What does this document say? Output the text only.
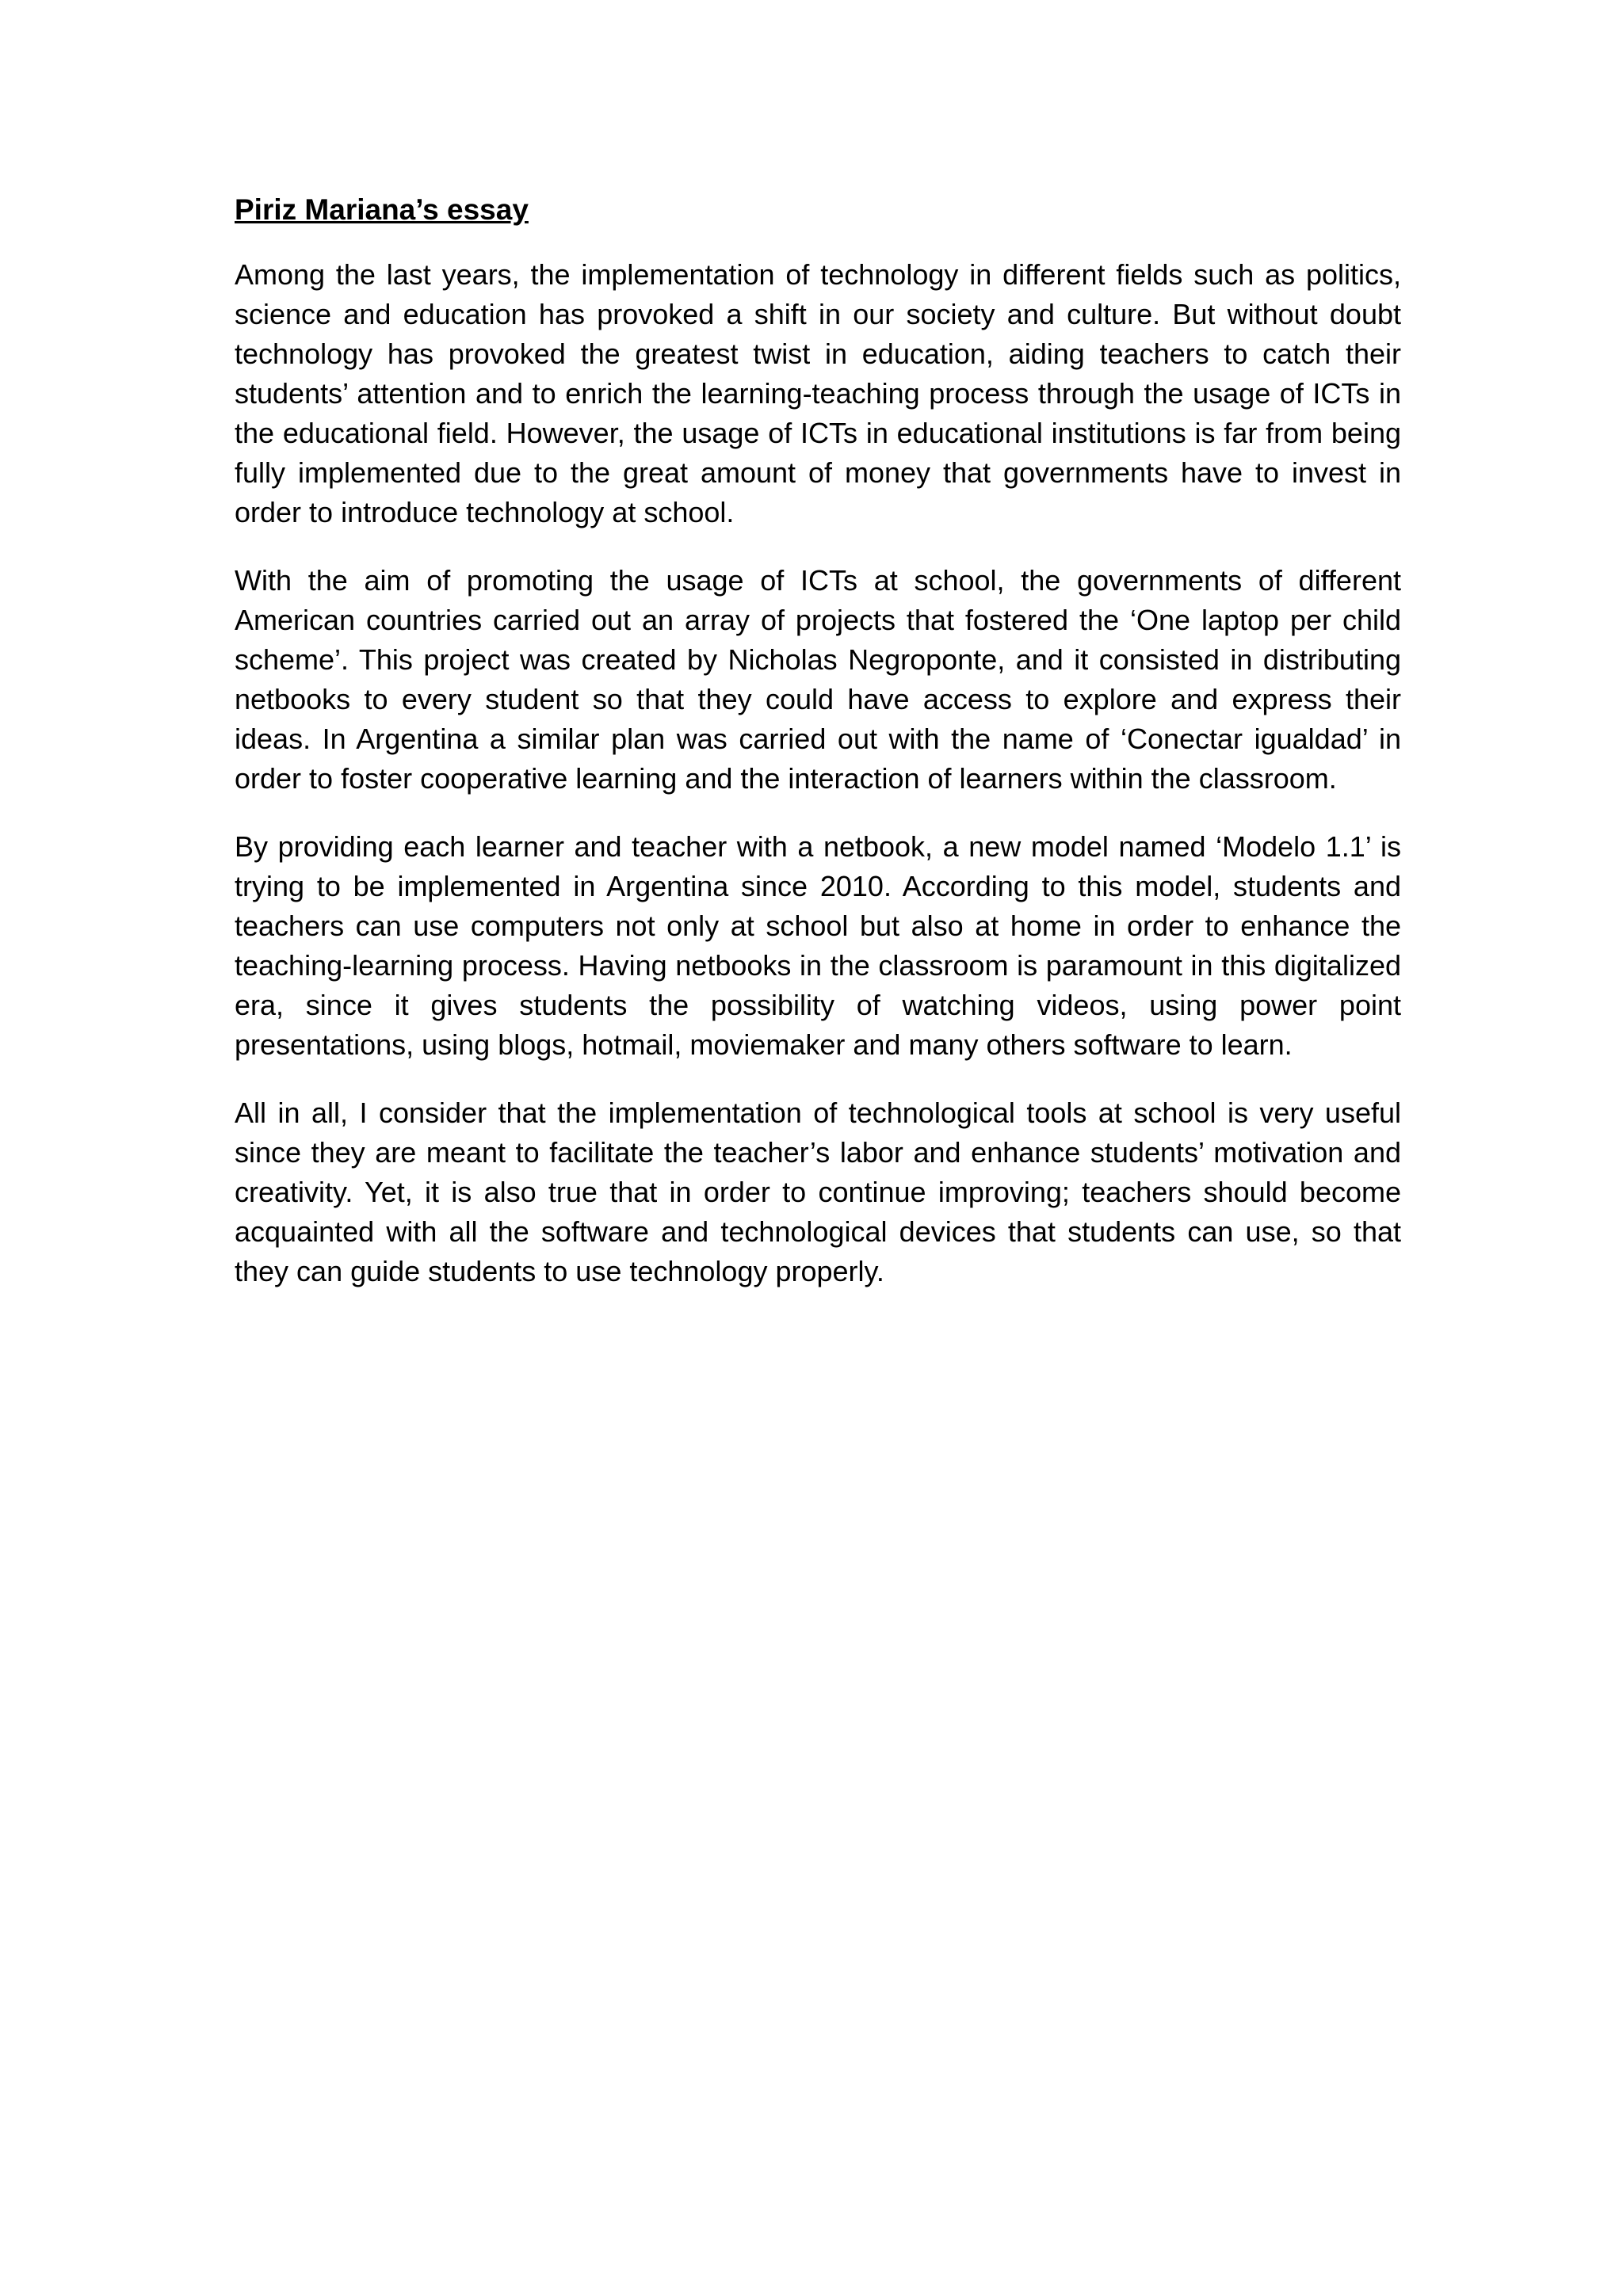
Piriz Mariana’s essay

Among the last years, the implementation of technology in different fields such as politics, science and education has provoked a shift in our society and culture. But without doubt technology has provoked the greatest twist in education, aiding teachers to catch their students’ attention and to enrich the learning-teaching process through the usage of ICTs in the educational field. However, the usage of ICTs in educational institutions is far from being fully implemented due to the great amount of money that governments have to invest in order to introduce technology at school.

With the aim of promoting the usage of ICTs at school, the governments of different American countries carried out an array of projects that fostered the ‘One laptop per child scheme’. This project was created by Nicholas Negroponte, and it consisted in distributing netbooks to every student so that they could have access to explore and express their ideas. In Argentina a similar plan was carried out with the name of ‘Conectar igualdad’ in order to foster cooperative learning and the interaction of learners within the classroom.

By providing each learner and teacher with a netbook, a new model named ‘Modelo 1.1’ is trying to be implemented in Argentina since 2010. According to this model, students and teachers can use computers not only at school but also at home in order to enhance the teaching-learning process. Having netbooks in the classroom is paramount in this digitalized era, since it gives students the possibility of watching videos, using power point presentations, using blogs, hotmail, moviemaker and many others software to learn.

All in all, I consider that the implementation of technological tools at school is very useful since they are meant to facilitate the teacher’s labor and enhance students’ motivation and creativity. Yet, it is also true that in order to continue improving; teachers should become acquainted with all the software and technological devices that students can use, so that they can guide students to use technology properly.
